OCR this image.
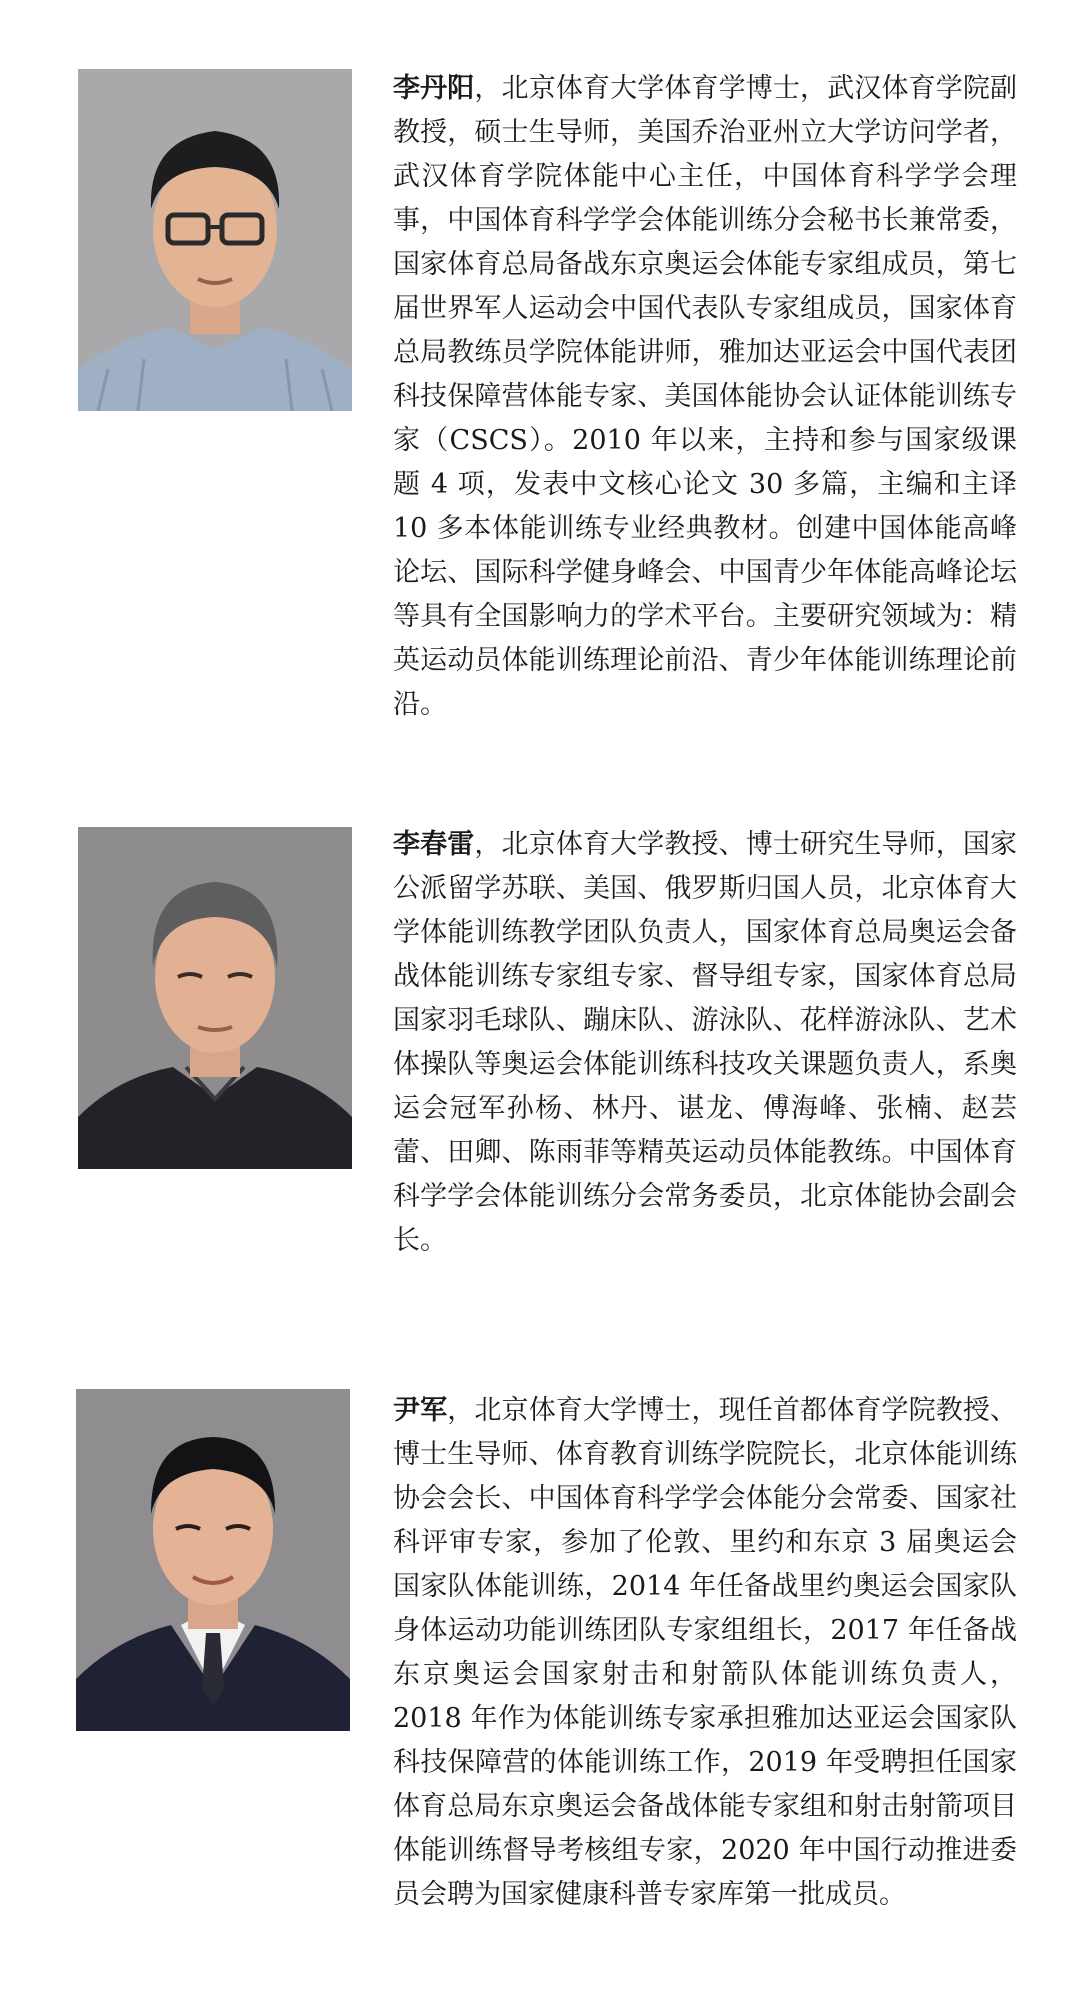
李丹阳，北京体育大学体育学博士，武汉体育学院副教授，硕士生导师，美国乔治亚州立大学访问学者，武汉体育学院体能中心主任，中国体育科学学会理事，中国体育科学学会体能训练分会秘书长兼常委，国家体育总局备战东京奥运会体能专家组成员，第七届世界军人运动会中国代表队专家组成员，国家体育总局教练员学院体能讲师，雅加达亚运会中国代表团科技保障营体能专家、美国体能协会认证体能训练专家（CSCS）。2010 年以来，主持和参与国家级课题 4 项，发表中文核心论文 30 多篇，主编和主译 10 多本体能训练专业经典教材。创建中国体能高峰论坛、国际科学健身峰会、中国青少年体能高峰论坛等具有全国影响力的学术平台。主要研究领域为：精英运动员体能训练理论前沿、青少年体能训练理论前沿。

李春雷，北京体育大学教授、博士研究生导师，国家公派留学苏联、美国、俄罗斯归国人员，北京体育大学体能训练教学团队负责人，国家体育总局奥运会备战体能训练专家组专家、督导组专家，国家体育总局国家羽毛球队、蹦床队、游泳队、花样游泳队、艺术体操队等奥运会体能训练科技攻关课题负责人，系奥运会冠军孙杨、林丹、谌龙、傅海峰、张楠、赵芸蕾、田卿、陈雨菲等精英运动员体能教练。中国体育科学学会体能训练分会常务委员，北京体能协会副会长。

尹军，北京体育大学博士，现任首都体育学院教授、博士生导师、体育教育训练学院院长，北京体能训练协会会长、中国体育科学学会体能分会常委、国家社科评审专家，参加了伦敦、里约和东京 3 届奥运会国家队体能训练，2014 年任备战里约奥运会国家队身体运动功能训练团队专家组组长，2017 年任备战东京奥运会国家射击和射箭队体能训练负责人，2018 年作为体能训练专家承担雅加达亚运会国家队科技保障营的体能训练工作，2019 年受聘担任国家体育总局东京奥运会备战体能专家组和射击射箭项目体能训练督导考核组专家，2020 年中国行动推进委员会聘为国家健康科普专家库第一批成员。
